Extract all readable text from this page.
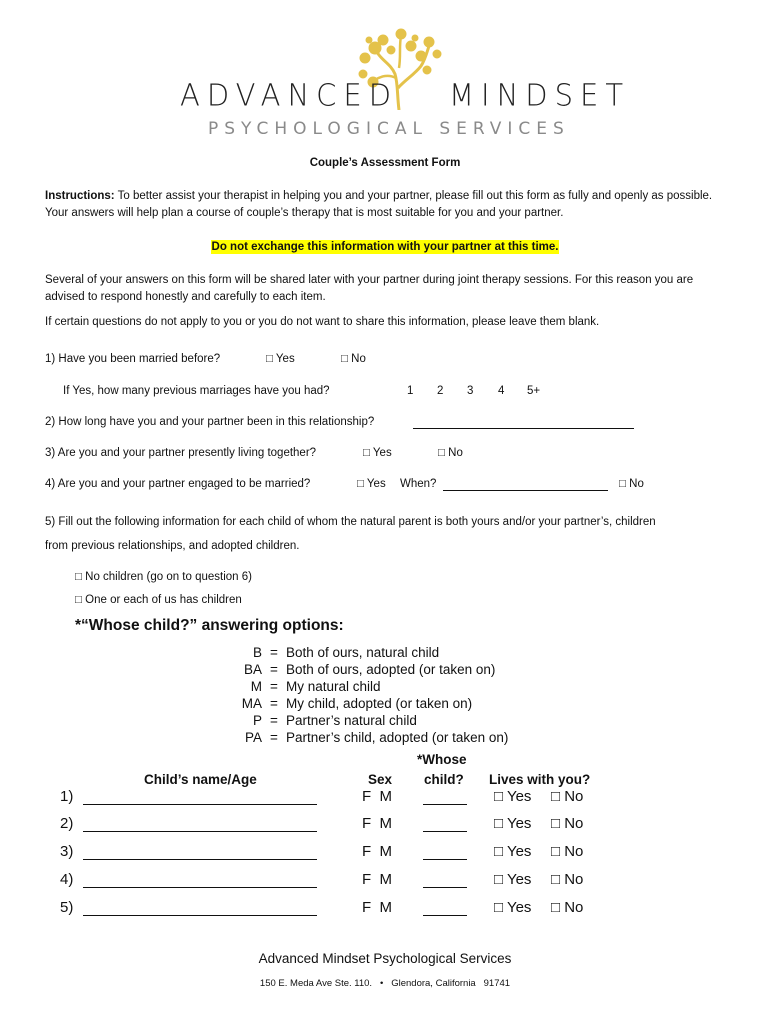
ADVANCED MINDSET
PSYCHOLOGICAL SERVICES
Couple’s Assessment Form
Instructions: To better assist your therapist in helping you and your partner, please fill out this form as fully and openly as possible. Your answers will help plan a course of couple’s therapy that is most suitable for you and your partner.
Do not exchange this information with your partner at this time.
Several of your answers on this form will be shared later with your partner during joint therapy sessions. For this reason you are advised to respond honestly and carefully to each item.
If certain questions do not apply to you or you do not want to share this information, please leave them blank.
1) Have you been married before?	□ Yes	□ No
If Yes, how many previous marriages have you had?	1 2 3 4 5+
2) How long have you and your partner been in this relationship?
3) Are you and your partner presently living together?	□ Yes	□ No
4) Are you and your partner engaged to be married?	□ Yes When?	□ No
5) Fill out the following information for each child of whom the natural parent is both yours and/or your partner’s, children
from previous relationships, and adopted children.
□ No children (go on to question 6)
□ One or each of us has children
*“Whose child?” answering options:
B = Both of ours, natural child
BA = Both of ours, adopted (or taken on)
M = My natural child
MA = My child, adopted (or taken on)
P = Partner’s natural child
PA = Partner’s child, adopted (or taken on)
*Whose
Child’s name/Age	Sex child? Lives with you?
1)	F  M	□ Yes □ No
2)	F  M	□ Yes □ No
3)	F  M	□ Yes □ No
4)	F  M	□ Yes □ No
5)	F  M	□ Yes □ No
Advanced Mindset Psychological Services
150 E. Meda Ave Ste. 110.   •   Glendora, California   91741
